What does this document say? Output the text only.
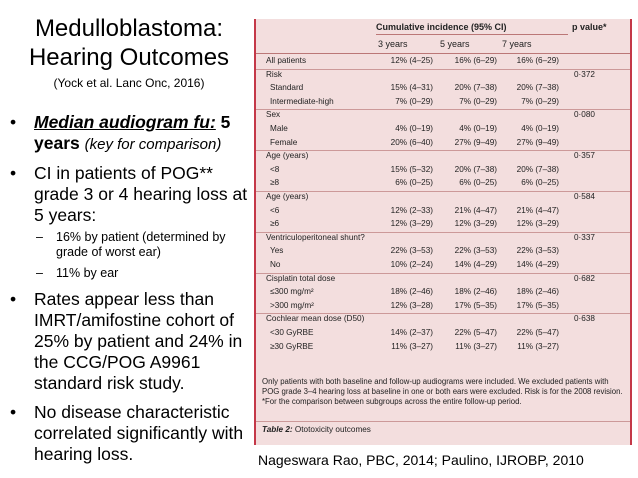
Medulloblastoma:
Hearing Outcomes
(Yock et al. Lanc Onc, 2016)
• Median audiogram fu: 5 years (key for comparison)
• CI in patients of POG** grade 3 or 4 hearing loss at 5 years:
– 16% by patient (determined by grade of worst ear)
– 11% by ear
• Rates appear less than IMRT/amifostine cohort of 25% by patient and 24% in the CCG/POG A9961 standard risk study.
• No disease characteristic correlated significantly with hearing loss.
Cumulative incidence (95% CI)	p value*
3 years	5 years	7 years
All patients	12% (4–25)	16% (6–29)	16% (6–29)
Risk	0·372
Standard	15% (4–31)	20% (7–38)	20% (7–38)
Intermediate-high	7% (0–29)	7% (0–29)	7% (0–29)
Sex	0·080
Male	4% (0–19)	4% (0–19)	4% (0–19)
Female	20% (6–40)	27% (9–49)	27% (9–49)
Age (years)	0·357
<8	15% (5–32)	20% (7–38)	20% (7–38)
≥8	6% (0–25)	6% (0–25)	6% (0–25)
Age (years)	0·584
<6	12% (2–33)	21% (4–47)	21% (4–47)
≥6	12% (3–29)	12% (3–29)	12% (3–29)
Ventriculoperitoneal shunt?	0·337
Yes	22% (3–53)	22% (3–53)	22% (3–53)
No	10% (2–24)	14% (4–29)	14% (4–29)
Cisplatin total dose	0·682
≤300 mg/m²	18% (2–46)	18% (2–46)	18% (2–46)
>300 mg/m²	12% (3–28)	17% (5–35)	17% (5–35)
Cochlear mean dose (D50)	0·638
<30 GyRBE	14% (2–37)	22% (5–47)	22% (5–47)
≥30 GyRBE	11% (3–27)	11% (3–27)	11% (3–27)
Only patients with both baseline and follow-up audiograms were included. We excluded patients with POG grade 3–4 hearing loss at baseline in one or both ears were excluded. Risk is for the 2008 revision. *For the comparison between subgroups across the entire follow-up period.
Table 2: Ototoxicity outcomes
Nageswara Rao, PBC, 2014; Paulino, IJROBP, 2010
